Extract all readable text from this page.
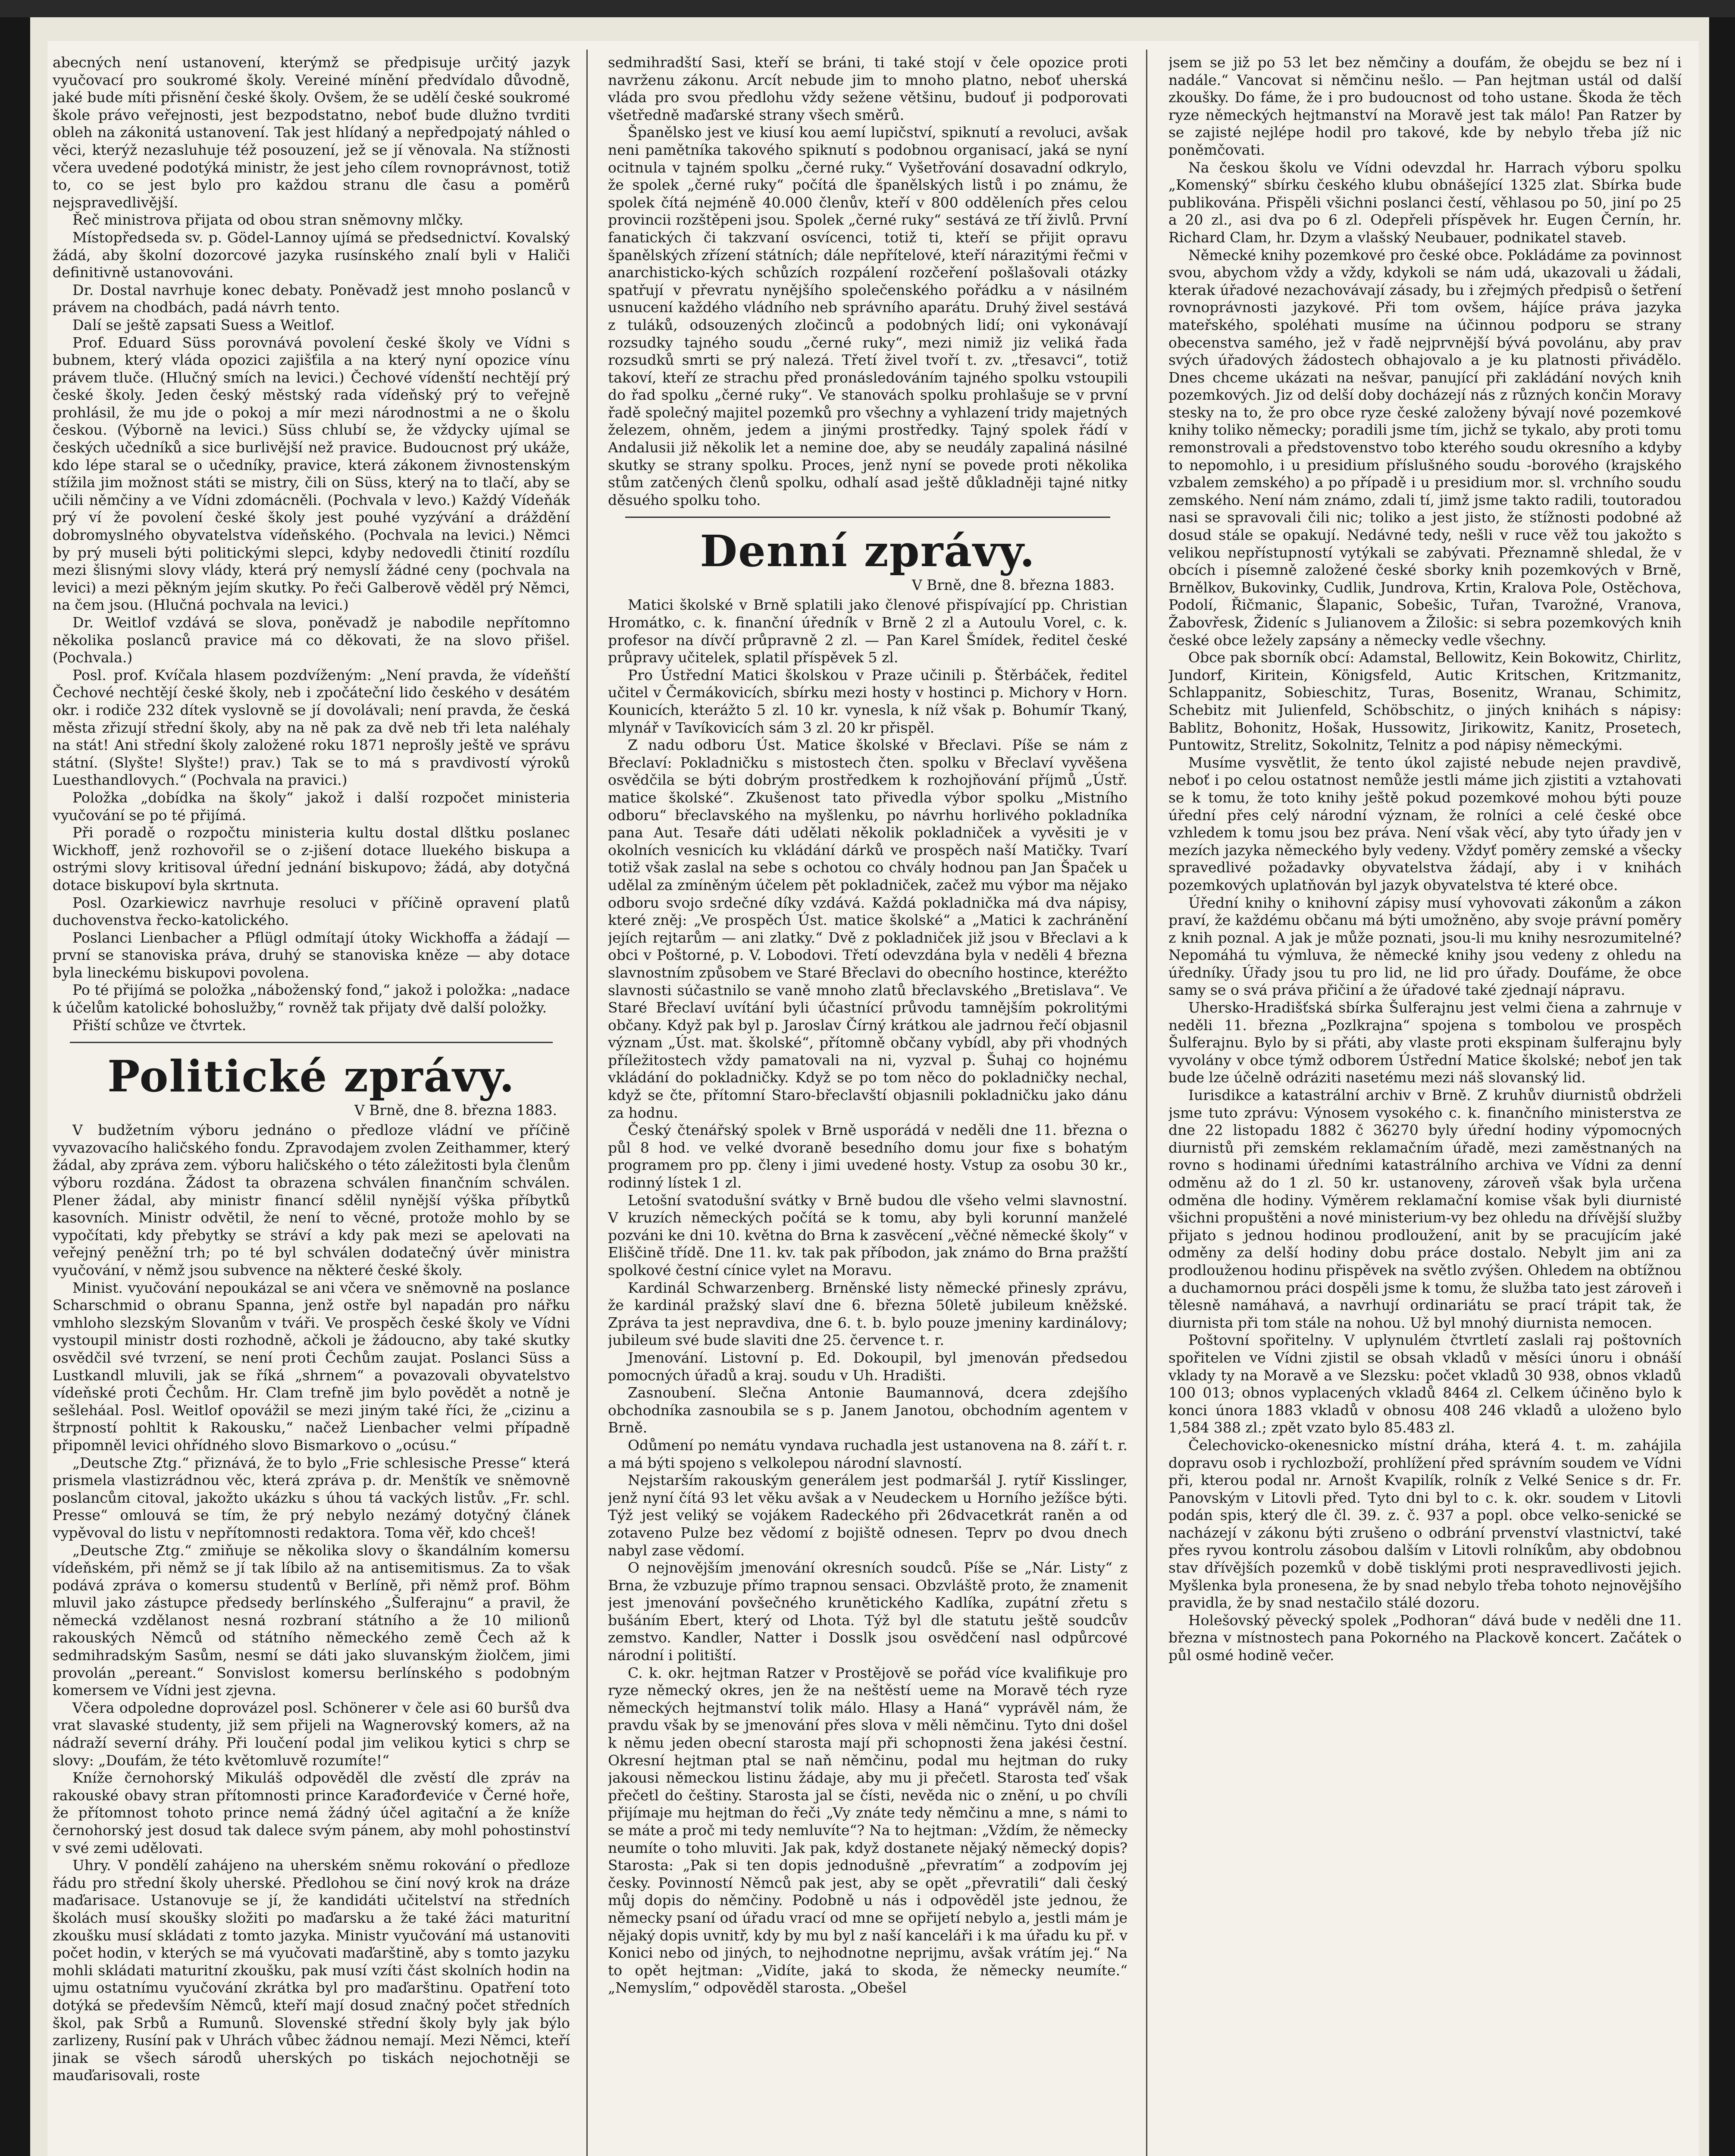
abecných není ustanovení, kterýmž se předpisuje určitý jazyk vyučovací pro soukromé školy. Vereiné mínění předvídalo důvodně, jaké bude míti přisnění české školy. Ovšem, že se udělí české soukromé škole právo veřejnosti, jest bezpodstatno, neboť bude dlužno tvrditi obleh na zákonitá ustanovení. Tak jest hlídaný a nepředpojatý náhled o věci, kterýž nezasluhuje též posouzení, jež se jí věnovala. Na stížnosti včera uvedené podotýká ministr, že jest jeho cílem rovnoprávnost, totiž to, co se jest bylo pro každou stranu dle času a poměrů nejspravedlivější.

Řeč ministrova přijata od obou stran sněmovny mlčky.

Místopředseda sv. p. Gödel-Lannoy ujímá se předsednictví. Kovalský žádá, aby školní dozorcové jazyka rusínského znalí byli v Haliči definitivně ustanovováni.

Dr. Dostal navrhuje konec debaty. Poněvadž jest mnoho poslanců v právem na chodbách, padá návrh tento.

Dalí se ještě zapsati Suess a Weitlof.

Prof. Eduard Süss porovnává povolení české školy ve Vídni s bubnem, který vláda opozici zajišťila a na který nyní opozice vínu právem tluče. (Hlučný smích na levici.) Čechové vídenští nechtějí prý české školy. Jeden český městský rada vídeňský prý to veřejně prohlásil, že mu jde o pokoj a mír mezi národnostmi a ne o školu českou. (Výborně na levici.) Süss chlubí se, že vždycky ujímal se českých učedníků a sice burlivější než pravice. Budoucnost prý ukáže, kdo lépe staral se o učedníky, pravice, která zákonem živnostenským stížila jim možnost státi se mistry, čili on Süss, který na to tlačí, aby se učili němčiny a ve Vídni zdomácněli. (Pochvala v levo.) Každý Vídeňák prý ví že povolení české školy jest pouhé vyzývání a dráždění dobromyslného obyvatelstva vídeňského. (Pochvala na levici.) Němci by prý museli býti politickými slepci, kdyby nedovedli čtinití rozdílu mezi šlisnými slovy vlády, která prý nemyslí žádné ceny (pochvala na levici) a mezi pěkným jejím skutky. Po řeči Galberově věděl prý Němci, na čem jsou. (Hlučná pochvala na levici.)

Dr. Weitlof vzdává se slova, poněvadž je nabodile nepřítomno několika poslanců pravice má co děkovati, že na slovo přišel. (Pochvala.)

Posl. prof. Kvíčala hlasem pozdvíženým: „Není pravda, že vídeňští Čechové nechtějí české školy, neb i zpočáteční lido českého v desátém okr. i rodiče 232 dítek vyslovně se jí dovolávali; není pravda, že česká města zřizují střední školy, aby na ně pak za dvě neb tři leta naléhaly na stát! Ani střední školy založené roku 1871 neprošly ještě ve správu státní. (Slyšte! Slyšte!) prav.) Tak se to má s pravdivostí výroků Luesthandlovych.“ (Pochvala na pravici.)

Položka „dobídka na školy“ jakož i další rozpočet ministeria vyučování se po té přijímá.

Při poradě o rozpočtu ministeria kultu dostal dlštku poslanec Wickhoff, jenž rozhovořil se o z-jišení dotace lluekého biskupa a ostrými slovy kritisoval úřední jednání biskupovo; žádá, aby dotyčná dotace biskupoví byla skrtnuta.

Posl. Ozarkiewicz navrhuje resoluci v příčině opravení platů duchovenstva řecko-katolického.

Poslanci Lienbacher a Pflügl odmítají útoky Wickhoffa a žádají — první se stanoviska práva, druhý se stanoviska kněze — aby dotace byla lineckému biskupovi povolena.

Po té přijímá se položka „náboženský fond,“ jakož i položka: „nadace k účelům katolické bohoslužby,“ rovněž tak přijaty dvě další položky.

Přiští schůze ve čtvrtek.

Politické zprávy.
V Brně, dne 8. března 1883.

V budžetním výboru jednáno o předloze vládní ve příčině vyvazovacího haličského fondu. Zpravodajem zvolen Zeithammer, který žádal, aby zpráva zem. výboru haličského o této záležitosti byla členům výboru rozdána. Žádost ta obrazena schválen finančním schválen. Plener žádal, aby ministr financí sdělil nynější výška příbytků kasovních. Ministr odvětil, že není to věcné, protože mohlo by se vypočítati, kdy přebytky se stráví a kdy pak mezi se apelovati na veřejný peněžní trh; po té byl schválen dodatečný úvěr ministra vyučování, v němž jsou subvence na některé české školy.

Minist. vyučování nepoukázal se ani včera ve sněmovně na poslance Scharschmid o obranu Spanna, jenž ostře byl napadán pro nářku vmhloho slezským Slovanům v tváři. Ve prospěch české školy ve Vídni vystoupil ministr dosti rozhodně, ačkoli je žádoucno, aby také skutky osvědčil své tvrzení, se není proti Čechům zaujat. Poslanci Süss a Lustkandl mluvili, jak se říká „shrnem“ a povazovali obyvatelstvo vídeňské proti Čechům. Hr. Clam trefně jim bylo povědět a notně je sešleháal. Posl. Weitlof opovážil se mezi jiným také říci, že „cizinu a štrpností pohltit k Rakousku,“ načež Lienbacher velmi případně připomněl levici ohřídného slovo Bismarkovo o „ocúsu.“

„Deutsche Ztg.“ přiznává, že to bylo „Frie schlesische Presse“ která prismela vlastizrádnou věc, která zpráva p. dr. Menštík ve sněmovně poslancům citoval, jakožto ukázku s úhou tá vackých listův. „Fr. schl. Presse“ omlouvá se tím, že prý nebylo nezámý dotyčný článek vypěvoval do listu v nepřítomnosti redaktora. Toma věř, kdo chceš!

„Deutsche Ztg.“ zmiňuje se několika slovy o škandálním komersu vídeňském, při němž se jí tak líbilo až na antisemitismus. Za to však podává zpráva o komersu studentů v Berlíně, při němž prof. Böhm mluvil jako zástupce předsedy berlínského „Šulferajnu“ a pravil, že německá vzdělanost nesná rozbraní státního a že 10 milionů rakouských Němců od státního německého země Čech až k sedmihradským Sasům, nesmí se dáti jako sluvanským žiolčem, jimi provolán „pereant.“ Sonvislost komersu berlínského s podobným komersem ve Vídni jest zjevna.

Včera odpoledne doprovázel posl. Schönerer v čele asi 60 buršů dva vrat slavaské studenty, již sem přijeli na Wagnerovský komers, až na nádraží severní dráhy. Při loučení podal jim velikou kytici s chrp se slovy: „Doufám, že této květomluvě rozumíte!“

Kníže černohorský Mikuláš odpověděl dle zvěstí dle zpráv na rakouské obavy stran přítomnosti prince Karađorđeviće v Černé hoře, že přítomnost tohoto prince nemá žádný účel agitační a že kníže černohorský jest dosud tak dalece svým pánem, aby mohl pohostinství v své zemi udělovati.

Uhry. V pondělí zahájeno na uherském sněmu rokování o předloze řádu pro střední školy uherské. Předlohou se činí nový krok na dráze maďarisace. Ustanovuje se jí, že kandidáti učitelství na středních školách musí skoušky složiti po maďarsku a že také žáci maturitní zkoušku musí skládati z tomto jazyka. Ministr vyučování má ustanoviti počet hodin, v kterých se má vyučovati maďarštině, aby s tomto jazyku mohli skládati maturitní zkoušku, pak musí vzíti část skolních hodin na ujmu ostatnímu vyučování zkrátka byl pro maďarštinu. Opatření toto dotýká se především Němců, kteří mají dosud značný počet středních škol, pak Srbů a Rumunů. Slovenské střední školy byly jak býlo zarlizeny, Rusíní pak v Uhrách vůbec žádnou nemají. Mezi Němci, kteří jinak se všech sárodů uherských po tiskách nejochotněji se mauďarisovali, roste

sedmihradští Sasi, kteří se bráni, ti také stojí v čele opozice proti navrženu zákonu. Arcít nebude jim to mnoho platno, neboť uherská vláda pro svou předlohu vždy sežene většinu, budouť ji podporovati všetředně maďarské strany všech směrů.

Španělsko jest ve kiusí kou aemí lupičství, spiknutí a revoluci, avšak neni pamětníka takového spiknutí s podobnou organisací, jaká se nyní ocitnula v tajném spolku „černé ruky.“ Vyšetřování dosavadní odkrylo, že spolek „černé ruky“ počítá dle španělských listů i po známu, že spolek čítá nejméně 40.000 členův, kteří v 800 odděleních přes celou provincii rozštěpeni jsou. Spolek „černé ruky“ sestává ze tří živlů. První fanatických či takzvaní osvícenci, totiž ti, kteří se přijit opravu španělských zřízení státních; dále nepřítelové, kteří nárazitými řečmi v anarchisticko-kých schůzích rozpálení rozčeření pošlašovali otázky spatřují v převratu nynějšího společenského pořádku a v násilném usnucení každého vládního neb správního aparátu. Druhý živel sestává z tuláků, odsouzených zločinců a podobných lidí; oni vykonávají rozsudky tajného soudu „černé ruky“, mezi nimiž jiz veliká řada rozsudků smrti se prý nalezá. Třetí živel tvoří t. zv. „třesavci“, totiž takoví, kteří ze strachu před pronásledováním tajného spolku vstoupili do řad spolku „černé ruky“. Ve stanovách spolku prohlašuje se v první řadě společný majitel pozemků pro všechny a vyhlazení tridy majetných železem, ohněm, jedem a jinými prostředky. Tajný spolek řádí v Andalusii již několik let a nemine doe, aby se neudály zapaliná násilné skutky se strany spolku. Proces, jenž nyní se povede proti několika stům zatčených členů spolku, odhalí asad ještě důkladněji tajné nitky děsuého spolku toho.

Denní zprávy.
V Brně, dne 8. března 1883.

Matici školské v Brně splatili jako členové přispívající pp. Christian Hromátko, c. k. finanční úředník v Brně 2 zl a Autoulu Vorel, c. k. profesor na dívčí průpravně 2 zl. — Pan Karel Šmídek, ředitel české průpravy učitelek, splatil příspěvek 5 zl.

Pro Ústřední Matici školskou v Praze učinili p. Štěrbáček, ředitel učitel v Čermákovicích, sbírku mezi hosty v hostinci p. Michory v Horn. Kounicích, kterážto 5 zl. 10 kr. vynesla, k níž však p. Bohumír Tkaný, mlynář v Tavíkovicích sám 3 zl. 20 kr přispěl.

Z nadu odboru Úst. Matice školské v Břeclavi. Píše se nám z Břeclaví: Pokladničku s mistostech čten. spolku v Břeclaví vyvěšena osvědčila se býti dobrým prostředkem k rozhojňování příjmů „Ústř. matice školské“. Zkušenost tato přivedla výbor spolku „Mistního odboru“ břeclavského na myšlenku, po návrhu horlivého pokladníka pana Aut. Tesaře dáti udělati několik pokladniček a vyvěsiti je v okolních vesnicích ku vkládání dárků ve prospěch naší Matičky. Tvarí totiž však zaslal na sebe s ochotou co chvály hodnou pan Jan Špaček u udělal za zmíněným účelem pět pokladniček, začež mu výbor ma nějako odboru svojo srdečné díky vzdává. Každá pokladnička má dva nápisy, které zněj: „Ve prospěch Úst. matice školské“ a „Matici k zachránění jejích rejtarům — ani zlatky.“ Dvě z pokladniček již jsou v Břeclavi a k obci v Poštorné, p. V. Lobodovi. Třetí odevzdána byla v neděli 4 března slavnostním způsobem ve Staré Břeclavi do obecního hostince, kteréžto slavnosti súčastnilo se vaně mnoho zlatů břeclavského „Bretislava“. Ve Staré Břeclaví uvítání byli účastnící průvodu tamnějším pokrolitými občany. Když pak byl p. Jaroslav Čírný krátkou ale jadrnou řečí objasnil význam „Úst. mat. školské“, přítomně občany vybídl, aby při vhodných příležitostech vždy pamatovali na ni, vyzval p. Šuhaj co hojnému vkládání do pokladničky. Když se po tom něco do pokladničky nechal, když se čte, přítomní Staro-břeclavští objasnili pokladničku jako dánu za hodnu.

Český čtenářský spolek v Brně usporádá v neděli dne 11. března o půl 8 hod. ve velké dvoraně besedního domu jour fixe s bohatým programem pro pp. členy i jimi uvedené hosty. Vstup za osobu 30 kr., rodinný lístek 1 zl.

Letošní svatodušní svátky v Brně budou dle všeho velmi slavnostní. V kruzích německých počítá se k tomu, aby byli korunní manželé pozváni ke dni 10. května do Brna k zasvěcení „věčné německé školy“ v Eliščině třídě. Dne 11. kv. tak pak příbodon, jak známo do Brna pražští spolkové čestní cínice vylet na Moravu.

Kardinál Schwarzenberg. Brněnské listy německé přinesly zprávu, že kardinál pražský slaví dne 6. března 50letě jubileum kněžské. Zpráva ta jest nepravdiva, dne 6. t. b. bylo pouze jmeniny kardinálovy; jubileum své bude slaviti dne 25. července t. r.

Jmenování. Listovní p. Ed. Dokoupil, byl jmenován předsedou pomocných úřadů a kraj. soudu v Uh. Hradišti.

Zasnoubení. Slečna Antonie Baumannová, dcera zdejšího obchodníka zasnoubila se s p. Janem Janotou, obchodním agentem v Brně.

Odůmení po nemátu vyndava ruchadla jest ustanovena na 8. září t. r. a má býti spojeno s velkolepou národní slavností.

Nejstarším rakouským generálem jest podmaršál J. rytíř Kisslinger, jenž nyní čítá 93 let věku avšak a v Neudeckem u Horního ježíšce býti. Týž jest veliký se vojákem Radeckého při 26dvacetkrát raněn a od zotaveno Pulze bez vědomí z bojiště odnesen. Teprv po dvou dnech nabyl zase vědomí.

O nejnovějším jmenování okresních soudců. Píše se „Nár. Listy“ z Brna, že vzbuzuje přímo trapnou sensaci. Obzvláště proto, že znamenit jest jmenování povšečného krunětického Kadlíka, zupátní zřetu s bušáním Ebert, který od Lhota. Týž byl dle statutu ještě soudcův zemstvo. Kandler, Natter i Dosslk jsou osvědčení nasl odpůrcové národní i politiští.

C. k. okr. hejtman Ratzer v Prostějově se pořád více kvalifikuje pro ryze německý okres, jen že na neštěstí ueme na Moravě téch ryze německých hejtmanství tolik málo. Hlasy a Haná“ vyprávěl nám, že pravdu však by se jmenování přes slova v měli němčinu. Tyto dni došel k němu jeden obecní starosta mají při schopnosti žena jakési čestní. Okresní hejtman ptal se naň němčinu, podal mu hejtman do ruky jakousi německou listinu žádaje, aby mu ji přečetl. Starosta teď však přečetl do češtiny. Starosta jal se čísti, nevěda nic o znění, u po chvíli přijímaje mu hejtman do řeči „Vy znáte tedy němčinu a mne, s námi to se máte a proč mi tedy nemluvíte“? Na to hejtman: „Vždím, že německy neumíte o toho mluviti. Jak pak, když dostanete nějaký německý dopis? Starosta: „Pak si ten dopis jednodušně „převratím“ a zodpovím jej česky. Povinností Němců pak jest, aby se opět „převratili“ dali český můj dopis do němčiny. Podobně u nás i odpověděl jste jednou, že německy psaní od úřadu vrací od mne se opřijetí nebylo a, jestli mám je nějaký dopis uvnitř, kdy by mu byl z naší kanceláři i k ma úřadu ku př. v Konici nebo od jiných, to nejhodnotne neprijmu, avšak vrátím jej.“ Na to opět hejtman: „Vidíte, jaká to skoda, že německy neumíte.“ „Nemyslím,“ odpověděl starosta. „Obešel

jsem se již po 53 let bez němčiny a doufám, že obejdu se bez ní i nadále.“ Vancovat si němčinu nešlo. — Pan hejtman ustál od další zkoušky. Do fáme, že i pro budoucnost od toho ustane. Škoda že těch ryze německých hejtmanství na Moravě jest tak málo! Pan Ratzer by se zajisté nejlépe hodil pro takové, kde by nebylo třeba jíž nic poněmčovati.

Na českou školu ve Vídni odevzdal hr. Harrach výboru spolku „Komenský“ sbírku českého klubu obnášející 1325 zlat. Sbírka bude publikována. Přispěli všichni poslanci čestí, věhlasou po 50, jiní po 25 a 20 zl., asi dva po 6 zl. Odepřeli příspěvek hr. Eugen Černín, hr. Richard Clam, hr. Dzym a vlašský Neubauer, podnikatel staveb.

Německé knihy pozemkové pro české obce. Pokládáme za povinnost svou, abychom vždy a vždy, kdykoli se nám udá, ukazovali u žádali, kterak úřadové nezachovávají zásady, bu i zřejmých předpisů o šetření rovnoprávnosti jazykové. Při tom ovšem, hájíce práva jazyka mateřského, spoléhati musíme na účinnou podporu se strany obecenstva samého, jež v řadě nejprvnější bývá povolánu, aby prav svých úřadových žádostech obhajovalo a je ku platnosti přivádělo. Dnes chceme ukázati na nešvar, panující při zakládání nových knih pozemkových. Jiz od delší doby docházejí nás z různých končin Moravy stesky na to, že pro obce ryze české založeny bývají nové pozemkové knihy toliko německy; poradili jsme tím, jichž se tykalo, aby proti tomu remonstrovali a předstovenstvo tobo kterého soudu okresního a kdyby to nepomohlo, i u presidium příslušného soudu -borového (krajského vzbalem zemského) a po případě i u presidium mor. sl. vrchního soudu zemského. Není nám známo, zdali tí, jimž jsme takto radili, toutoradou nasi se spravovali čili nic; toliko a jest jisto, že stížnosti podobné až dosud stále se opakují. Nedávné tedy, nešli v ruce věž tou jakožto s velikou nepřístupností vytýkali se zabývati. Přeznamně shledal, že v obcích i písemně založené české sborky knih pozemkových v Brně, Brnělkov, Bukovinky, Cudlik, Jundrova, Krtin, Kralova Pole, Ostěchova, Podolí, Řičmanic, Šlapanic, Sobešic, Tuřan, Tvarožné, Vranova, Žabovřesk, Žideníc s Julianovem a Žilošic: si sebra pozemkových knih české obce ležely zapsány a německy vedle všechny.

Obce pak sborník obcí: Adamstal, Bellowitz, Kein Bokowitz, Chirlitz, Jundorf, Kiritein, Königsfeld, Autic Kritschen, Kritzmanitz, Schlappanitz, Sobieschitz, Turas, Bosenitz, Wranau, Schimitz, Schebitz mit Julienfeld, Schöbschitz, o jiných knihách s nápisy: Bablitz, Bohonitz, Hošak, Hussowitz, Jirikowitz, Kanitz, Prosetech, Puntowitz, Strelitz, Sokolnitz, Telnitz a pod nápisy německými.

Musíme vysvětlit, že tento úkol zajisté nebude nejen pravdivě, neboť i po celou ostatnost nemůže jestli máme jich zjistiti a vztahovati se k tomu, že toto knihy ještě pokud pozemkové mohou býti pouze úřední přes celý národní význam, že rolníci a celé české obce vzhledem k tomu jsou bez práva. Není však věcí, aby tyto úřady jen v mezích jazyka německého byly vedeny. Vždyť poměry zemské a všecky spravedlivé požadavky obyvatelstva žádají, aby i v knihách pozemkových uplatňován byl jazyk obyvatelstva té které obce.

Úřední knihy o knihovní zápisy musí vyhovovati zákonům a zákon praví, že každému občanu má býti umožněno, aby svoje právní poměry z knih poznal. A jak je může poznati, jsou-li mu knihy nesrozumitelné? Nepomáhá tu výmluva, že německé knihy jsou vedeny z ohledu na úředníky. Úřady jsou tu pro lid, ne lid pro úřady. Doufáme, že obce samy se o svá práva přičiní a že úřadové také zjednají nápravu.

Uhersko-Hradišťská sbírka Šulferajnu jest velmi čiena a zahrnuje v neděli 11. března „Pozlkrajna“ spojena s tombolou ve prospěch Šulferajnu. Bylo by si přáti, aby vlaste proti ekspinam šulferajnu byly vyvolány v obce týmž odborem Ústřední Matice školské; neboť jen tak bude lze účelně odráziti nasetému mezi náš slovanský lid.

Iurisdikce a katastrální archiv v Brně. Z kruhův diurnistů obdrželi jsme tuto zprávu: Výnosem vysokého c. k. finančního ministerstva ze dne 22 listopadu 1882 č 36270 byly úřední hodiny výpomocných diurnistů při zemském reklamačním úřadě, mezi zaměstnaných na rovno s hodinami úředními katastrálního archiva ve Vídni za denní odměnu až do 1 zl. 50 kr. ustanoveny, zároveň však byla určena odměna dle hodiny. Výměrem reklamační komise však byli diurnisté všichni propuštěni a nové ministerium-vy bez ohledu na dřívější služby přijato s jednou hodinou prodloužení, anit by se pracujícím jaké odměny za delší hodiny dobu práce dostalo. Nebylt jim ani za prodlouženou hodinu přispěvek na světlo zvýšen. Ohledem na obtížnou a duchamornou práci dospěli jsme k tomu, že služba tato jest zároveň i tělesně namáhavá, a navrhují ordinariátu se prací trápit tak, že diurnista při tom stále na nohou. Už byl mnohý diurnista nemocen.

Poštovní spořitelny. V uplynulém čtvrtletí zaslali raj poštovních spořitelen ve Vídni zjistil se obsah vkladů v měsíci únoru i obnáší vklady ty na Moravě a ve Slezsku: počet vkladů 30 938, obnos vkladů 100 013; obnos vyplacených vkladů 8464 zl. Celkem účiněno bylo k konci února 1883 vkladů v obnosu 408 246 vkladů a uloženo bylo 1,584 388 zl.; zpět vzato bylo 85.483 zl.

Čelechovicko-okenesnicko místní dráha, která 4. t. m. zahájila dopravu osob i rychlozboží, prohlížení před správním soudem ve Vídni při, kterou podal nr. Arnošt Kvapilík, rolník z Velké Senice s dr. Fr. Panovským v Litovli před. Tyto dni byl to c. k. okr. soudem v Litovli podán spis, který dle čl. 39. z. č. 937 a popl. obce velko-senické se nacházejí v zákonu býti zrušeno o odbrání prvenství vlastnictví, také přes ryvou kontrolu zásobou dalším v Litovli rolníkům, aby obdobnou stav dřívějších pozemků v době tisklými proti nespravedlivosti jejich. Myšlenka byla pronesena, že by snad nebylo třeba tohoto nejnovějšího pravidla, že by snad nestačilo stálé dozoru.

Holešovský pěvecký spolek „Podhoran“ dává bude v neděli dne 11. března v místnostech pana Pokorného na Plackově koncert. Začátek o půl osmé hodině večer.
